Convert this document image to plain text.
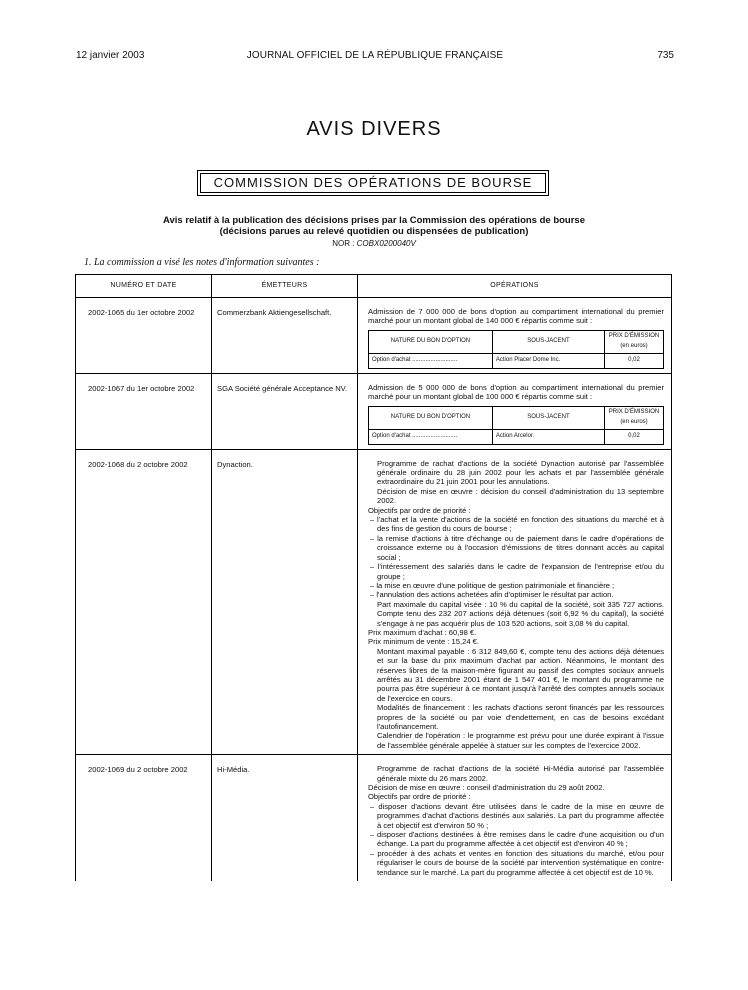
12 janvier 2003	JOURNAL OFFICIEL DE LA RÉPUBLIQUE FRANÇAISE	735
AVIS DIVERS
COMMISSION DES OPÉRATIONS DE BOURSE
Avis relatif à la publication des décisions prises par la Commission des opérations de bourse
(décisions parues au relevé quotidien ou dispensées de publication)
NOR : COBX0200040V
1. La commission a visé les notes d'information suivantes :
NUMÉRO ET DATE	ÉMETTEURS	OPÉRATIONS
2002-1065 du 1er octobre 2002	Commerzbank Aktiengesellschaft.	Admission de 7 000 000 de bons d'option au compartiment international du premier marché pour un montant global de 140 000 € répartis comme suit :

NATURE DU BON D'OPTION	SOUS-JACENT	PRIX D'ÉMISSION
(en euros)
Option d'achat ...........................	Action Placer Dome Inc.	0,02

2002-1067 du 1er octobre 2002	SGA Société générale Acceptance NV.	Admission de 5 000 000 de bons d'option au compartiment international du premier marché pour un montant global de 100 000 € répartis comme suit :

NATURE DU BON D'OPTION	SOUS-JACENT	PRIX D'ÉMISSION
(en euros)
Option d'achat ...........................	Action Arcelor.	0,02

2002-1068 du 2 octobre 2002	Dynaction.	Programme de rachat d'actions de la société Dynaction autorisé par l'assemblée générale ordinaire du 28 juin 2002 pour les achats et par l'assemblée générale extraordinaire du 21 juin 2001 pour les annulations.

Décision de mise en œuvre : décision du conseil d'administration du 13 septembre 2002.

Objectifs par ordre de priorité :

– l'achat et la vente d'actions de la société en fonction des situations du marché et à des fins de gestion du cours de bourse ;

– la remise d'actions à titre d'échange ou de paiement dans le cadre d'opérations de croissance externe ou à l'occasion d'émissions de titres donnant accès au capital social ;

– l'intéressement des salariés dans le cadre de l'expansion de l'entreprise et/ou du groupe ;

– la mise en œuvre d'une politique de gestion patrimoniale et financière ;

– l'annulation des actions achetées afin d'optimiser le résultat par action.

Part maximale du capital visée : 10 % du capital de la société, soit 335 727 actions. Compte tenu des 232 207 actions déjà détenues (soit 6,92 % du capital), la société s'engage à ne pas acquérir plus de 103 520 actions, soit 3,08 % du capital.

Prix maximum d'achat : 60,98 €.

Prix minimum de vente : 15,24 €.

Montant maximal payable : 6 312 849,60 €, compte tenu des actions déjà détenues et sur la base du prix maximum d'achat par action. Néanmoins, le montant des réserves libres de la maison-mère figurant au passif des comptes sociaux annuels arrêtés au 31 décembre 2001 étant de 1 547 401 €, le montant du programme ne pourra pas être supérieur à ce montant jusqu'à l'arrêté des comptes annuels sociaux de l'exercice en cours.

Modalités de financement : les rachats d'actions seront financés par les ressources propres de la société ou par voie d'endettement, en cas de besoins excédant l'autofinancement.

Calendrier de l'opération : le programme est prévu pour une durée expirant à l'issue de l'assemblée générale appelée à statuer sur les comptes de l'exercice 2002.

2002-1069 du 2 octobre 2002	Hi-Média.	Programme de rachat d'actions de la société Hi-Média autorisé par l'assemblée générale mixte du 26 mars 2002.

Décision de mise en œuvre : conseil d'administration du 29 août 2002.

Objectifs par ordre de priorité :

– disposer d'actions devant être utilisées dans le cadre de la mise en œuvre de programmes d'achat d'actions destinés aux salariés. La part du programme affectée à cet objectif est d'environ 50 % ;

– disposer d'actions destinées à être remises dans le cadre d'une acquisition ou d'un échange. La part du programme affectée à cet objectif est d'environ 40 % ;

– procéder à des achats et ventes en fonction des situations du marché, et/ou pour régulariser le cours de bourse de la société par intervention systématique en contre-tendance sur le marché. La part du programme affectée à cet objectif est de 10 %.
